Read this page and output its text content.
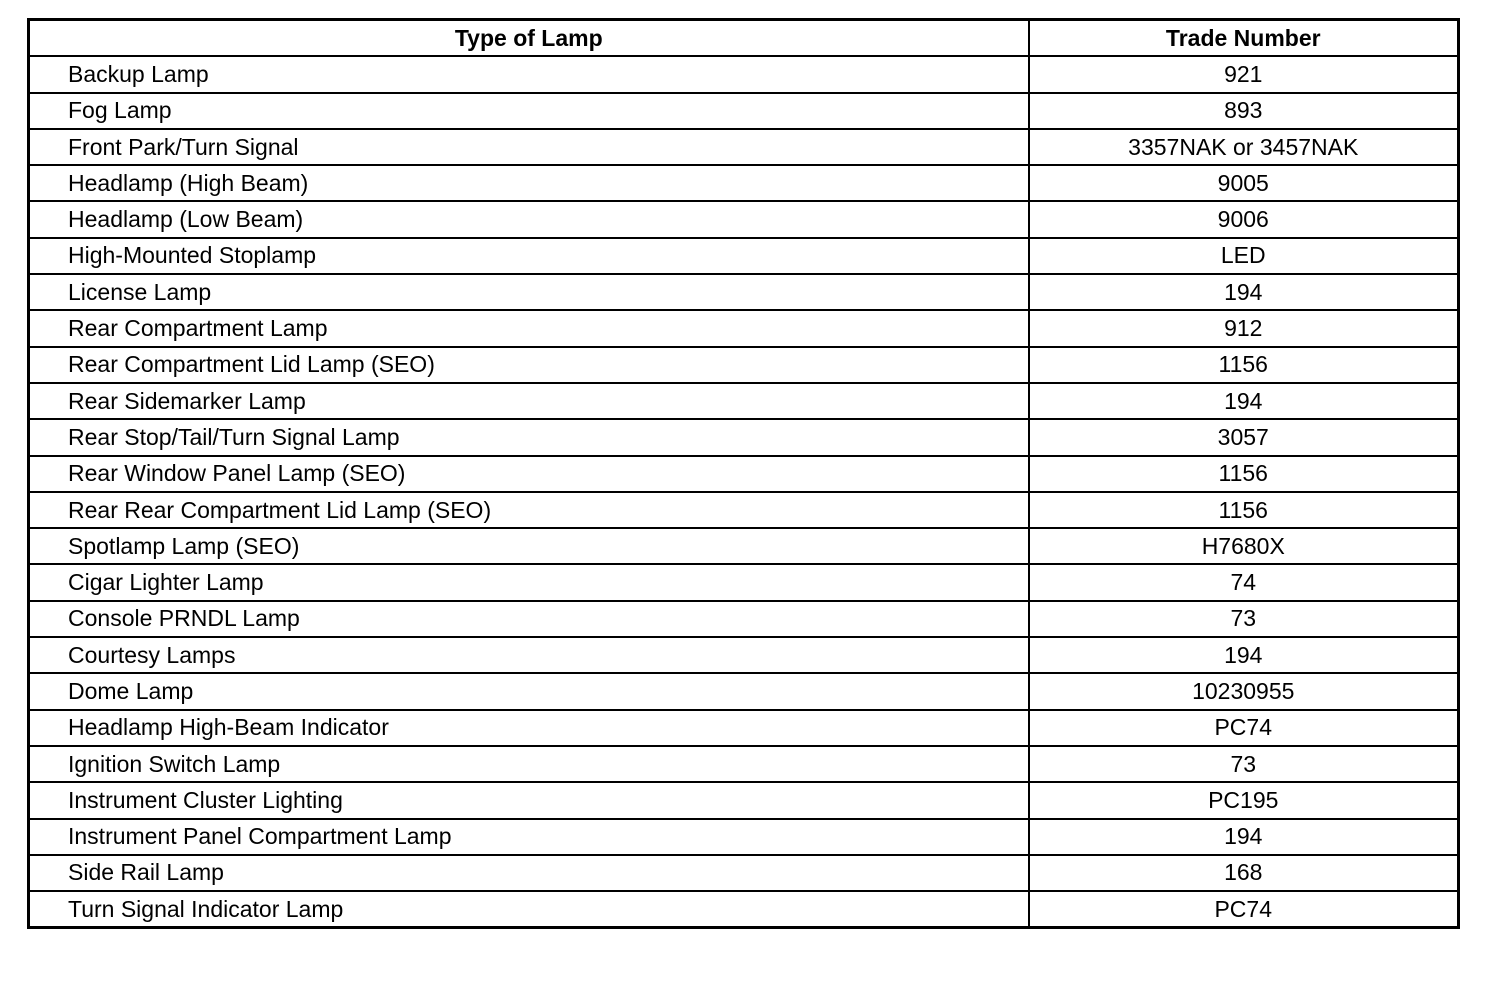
Type of Lamp	Trade Number
Backup Lamp	921
Fog Lamp	893
Front Park/Turn Signal	3357NAK or 3457NAK
Headlamp (High Beam)	9005
Headlamp (Low Beam)	9006
High-Mounted Stoplamp	LED
License Lamp	194
Rear Compartment Lamp	912
Rear Compartment Lid Lamp (SEO)	1156
Rear Sidemarker Lamp	194
Rear Stop/Tail/Turn Signal Lamp	3057
Rear Window Panel Lamp (SEO)	1156
Rear Rear Compartment Lid Lamp (SEO)	1156
Spotlamp Lamp (SEO)	H7680X
Cigar Lighter Lamp	74
Console PRNDL Lamp	73
Courtesy Lamps	194
Dome Lamp	10230955
Headlamp High-Beam Indicator	PC74
Ignition Switch Lamp	73
Instrument Cluster Lighting	PC195
Instrument Panel Compartment Lamp	194
Side Rail Lamp	168
Turn Signal Indicator Lamp	PC74
